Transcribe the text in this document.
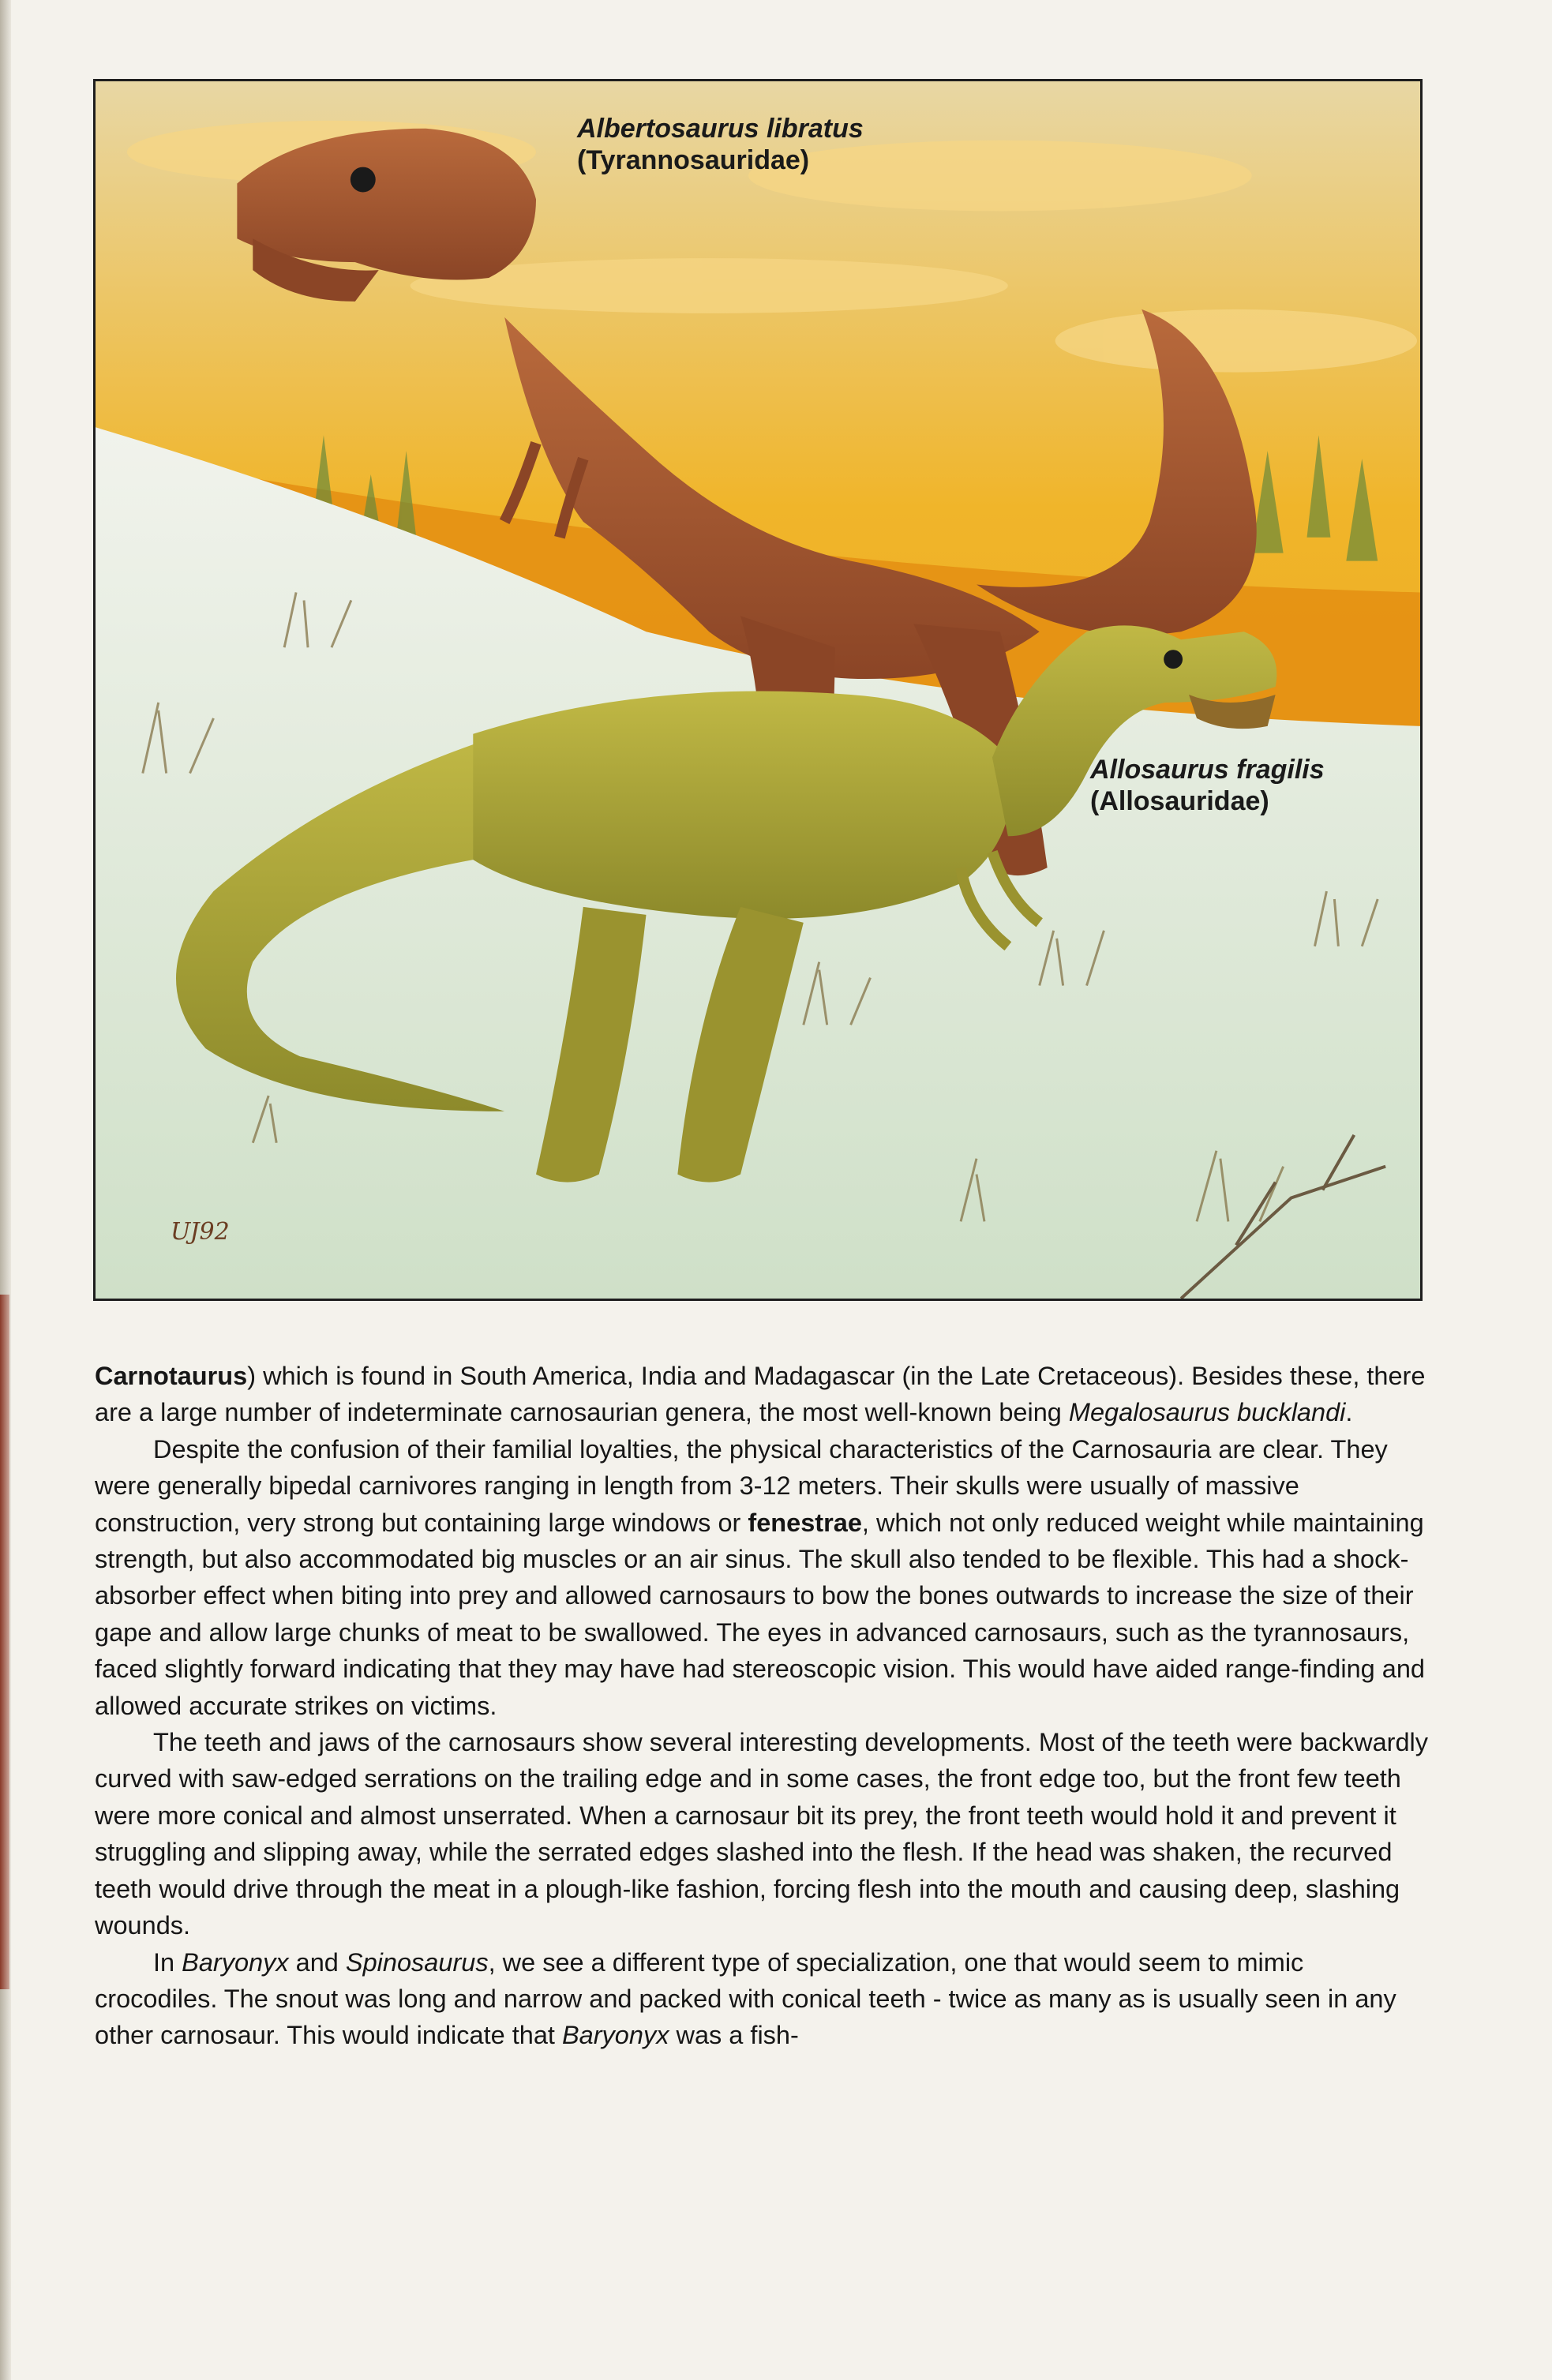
Albertosaurus libratus
(Tyrannosauridae)
Allosaurus fragilis
(Allosauridae)
UJ92

Carnotaurus) which is found in South America, India and Madagascar (in the Late Cretaceous). Besides these, there are a large number of indeterminate carnosaurian genera, the most well-known being Megalosaurus bucklandi.

Despite the confusion of their familial loyalties, the physical characteristics of the Carnosauria are clear. They were generally bipedal carnivores ranging in length from 3-12 meters. Their skulls were usually of massive construction, very strong but containing large windows or fenestrae, which not only reduced weight while maintaining strength, but also accommodated big muscles or an air sinus. The skull also tended to be flexible. This had a shock-absorber effect when biting into prey and allowed carnosaurs to bow the bones outwards to increase the size of their gape and allow large chunks of meat to be swallowed. The eyes in advanced carnosaurs, such as the tyrannosaurs, faced slightly forward indicating that they may have had stereoscopic vision. This would have aided range-finding and allowed accurate strikes on victims.

The teeth and jaws of the carnosaurs show several interesting developments. Most of the teeth were backwardly curved with saw-edged serrations on the trailing edge and in some cases, the front edge too, but the front few teeth were more conical and almost unserrated. When a carnosaur bit its prey, the front teeth would hold it and prevent it struggling and slipping away, while the serrated edges slashed into the flesh. If the head was shaken, the recurved teeth would drive through the meat in a plough-like fashion, forcing flesh into the mouth and causing deep, slashing wounds.

In Baryonyx and Spinosaurus, we see a different type of specialization, one that would seem to mimic crocodiles. The snout was long and narrow and packed with conical teeth - twice as many as is usually seen in any other carnosaur. This would indicate that Baryonyx was a fish-
